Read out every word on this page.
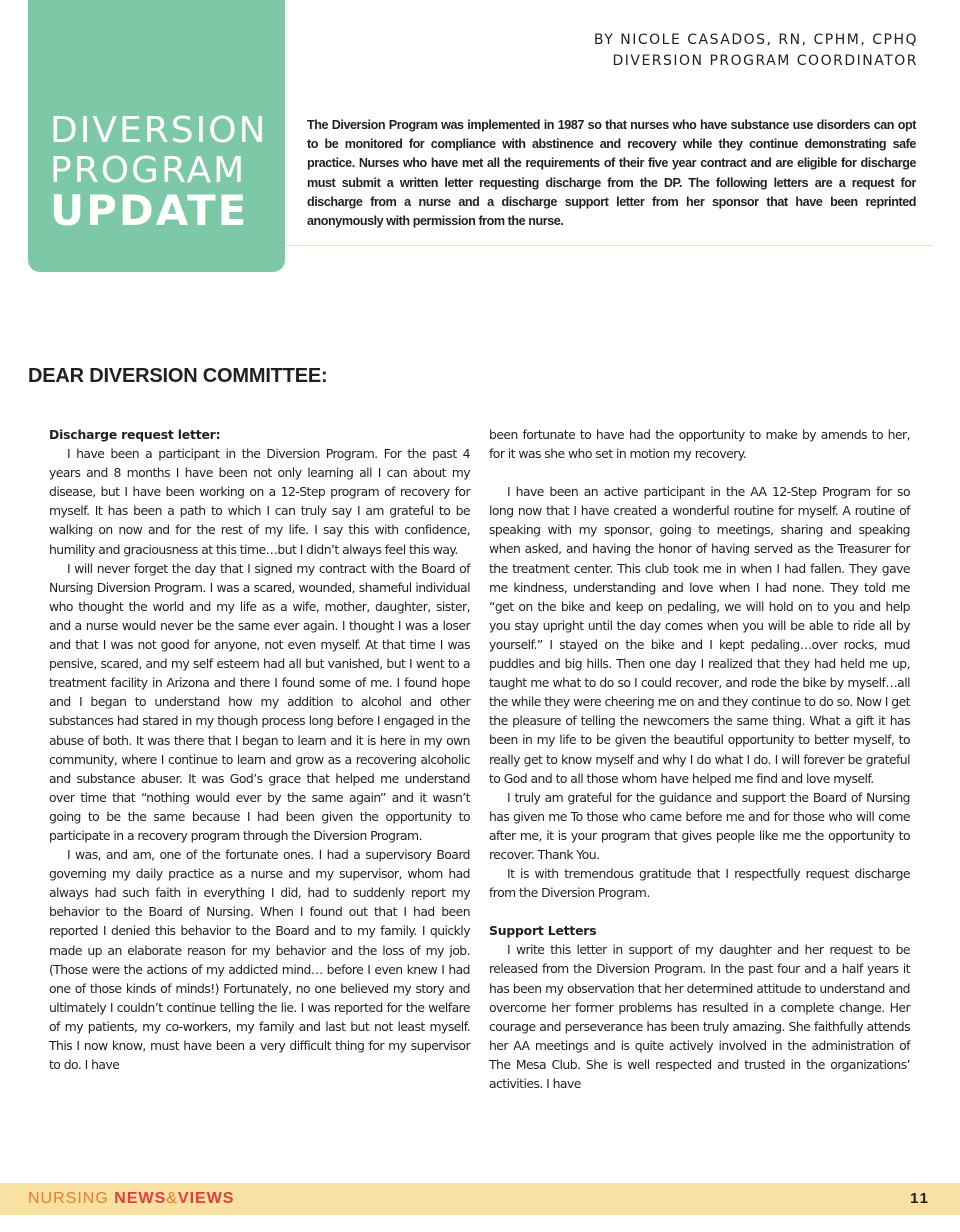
DIVERSION
PROGRAM
UPDATE
BY NICOLE CASADOS, RN, CPHM, CPHQ
DIVERSION PROGRAM COORDINATOR
The Diversion Program was implemented in 1987 so that nurses who have substance use disorders can opt to be monitored for compliance with abstinence and recovery while they continue demonstrating safe practice. Nurses who have met all the requirements of their five year contract and are eligible for discharge must submit a written letter requesting discharge from the DP. The following letters are a request for discharge from a nurse and a discharge support letter from her sponsor that have been reprinted anonymously with permission from the nurse.
DEAR DIVERSION COMMITTEE:

Discharge request letter:

I have been a participant in the Diversion Program. For the past 4 years and 8 months I have been not only learning all I can about my disease, but I have been working on a 12-Step program of recovery for myself. It has been a path to which I can truly say I am grateful to be walking on now and for the rest of my life. I say this with confidence, humility and graciousness at this time…but I didn’t always feel this way.

I will never forget the day that I signed my contract with the Board of Nursing Diversion Program. I was a scared, wounded, shameful individual who thought the world and my life as a wife, mother, daughter, sister, and a nurse would never be the same ever again. I thought I was a loser and that I was not good for anyone, not even myself. At that time I was pensive, scared, and my self esteem had all but vanished, but I went to a treatment facility in Arizona and there I found some of me. I found hope and I began to understand how my addition to alcohol and other substances had stared in my though process long before I engaged in the abuse of both. It was there that I began to learn and it is here in my own community, where I continue to learn and grow as a recovering alcoholic and substance abuser. It was God’s grace that helped me understand over time that “nothing would ever by the same again” and it wasn’t going to be the same because I had been given the opportunity to participate in a recovery program through the Diversion Program.

I was, and am, one of the fortunate ones. I had a supervisory Board governing my daily practice as a nurse and my supervisor, whom had always had such faith in everything I did, had to suddenly report my behavior to the Board of Nursing. When I found out that I had been reported I denied this behavior to the Board and to my family. I quickly made up an elaborate reason for my behavior and the loss of my job. (Those were the actions of my addicted mind… before I even knew I had one of those kinds of minds!) Fortunately, no one believed my story and ultimately I couldn’t continue telling the lie. I was reported for the welfare of my patients, my co-workers, my family and last but not least myself. This I now know, must have been a very difficult thing for my supervisor to do. I have

been fortunate to have had the opportunity to make by amends to her, for it was she who set in motion my recovery.

I have been an active participant in the AA 12-Step Program for so long now that I have created a wonderful routine for myself. A routine of speaking with my sponsor, going to meetings, sharing and speaking when asked, and having the honor of having served as the Treasurer for the treatment center. This club took me in when I had fallen. They gave me kindness, understanding and love when I had none. They told me “get on the bike and keep on pedaling, we will hold on to you and help you stay upright until the day comes when you will be able to ride all by yourself.” I stayed on the bike and I kept pedaling…over rocks, mud puddles and big hills. Then one day I realized that they had held me up, taught me what to do so I could recover, and rode the bike by myself…all the while they were cheering me on and they continue to do so. Now I get the pleasure of telling the newcomers the same thing. What a gift it has been in my life to be given the beautiful opportunity to better myself, to really get to know myself and why I do what I do. I will forever be grateful to God and to all those whom have helped me find and love myself.

I truly am grateful for the guidance and support the Board of Nursing has given me To those who came before me and for those who will come after me, it is your program that gives people like me the opportunity to recover. Thank You.

It is with tremendous gratitude that I respectfully request discharge from the Diversion Program.

Support Letters

I write this letter in support of my daughter and her request to be released from the Diversion Program. In the past four and a half years it has been my observation that her determined attitude to understand and overcome her former problems has resulted in a complete change. Her courage and perseverance has been truly amazing. She faithfully attends her AA meetings and is quite actively involved in the administration of The Mesa Club. She is well respected and trusted in the organizations’ activities. I have

NURSING NEWS&VIEWS	11
